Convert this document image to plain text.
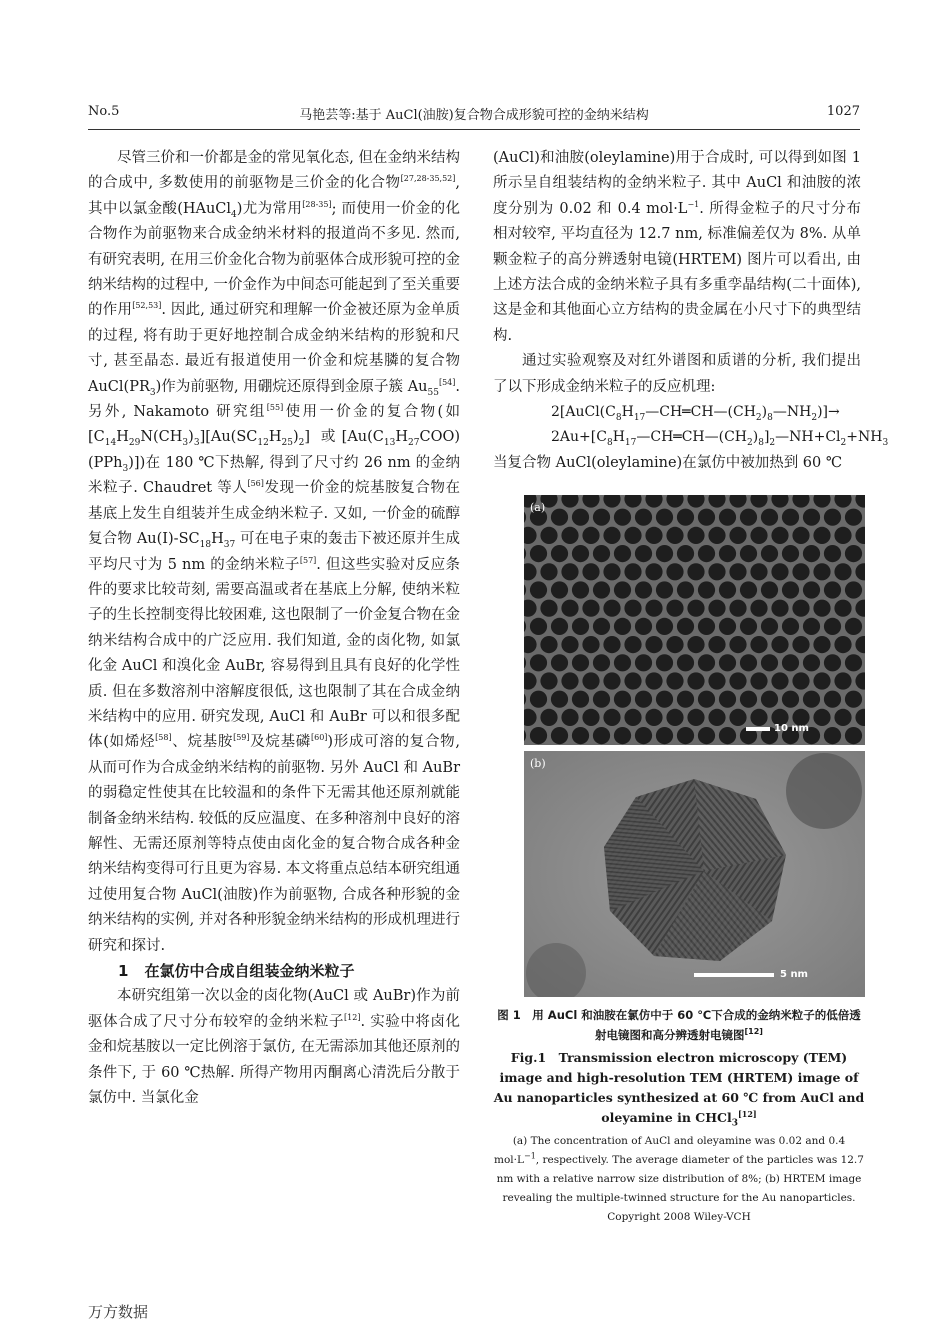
No.5	马艳芸等:基于 AuCl(油胺)复合物合成形貌可控的金纳米结构	1027

尽管三价和一价都是金的常见氧化态, 但在金纳米结构的合成中, 多数使用的前驱物是三价金的化合物[27,28-35,52], 其中以氯金酸(HAuCl$_4$)尤为常用[28-35]; 而使用一价金的化合物作为前驱物来合成金纳米材料的报道尚不多见. 然而, 有研究表明, 在用三价金化合物为前驱体合成形貌可控的金纳米结构的过程中, 一价金作为中间态可能起到了至关重要的作用[52,53]. 因此, 通过研究和理解一价金被还原为金单质的过程, 将有助于更好地控制合成金纳米结构的形貌和尺寸, 甚至晶态. 最近有报道使用一价金和烷基膦的复合物 $AuCl(PR_3)$作为前驱物, 用硼烷还原得到金原子簇 $Au_{55}[54]$. 另外, Nakamoto 研究组[55]使用一价金的复合物(如$[C_{14}H_{29}N(CH_3)_3][Au(SC_{12}H_{25})_2]$ 或$[Au(C_{13}H_{27}COO)(PPh_3)]$)在 180 ℃下热解, 得到了尺寸约 26 nm 的金纳米粒子. Chaudret 等人[56]发现一价金的烷基胺复合物在基底上发生自组装并生成金纳米粒子. 又如, 一价金的硫醇复合物 $Au(I)-SC_{18}H_{37}$ 可在电子束的轰击下被还原并生成平均尺寸为 5 nm 的金纳米粒子[57]. 但这些实验对反应条件的要求比较苛刻, 需要高温或者在基底上分解, 使纳米粒子的生长控制变得比较困难, 这也限制了一价金复合物在金纳米结构合成中的广泛应用. 我们知道, 金的卤化物, 如氯化金 AuCl 和溴化金 AuBr, 容易得到且具有良好的化学性质. 但在多数溶剂中溶解度很低, 这也限制了其在合成金纳米结构中的应用. 研究发现, AuCl 和 AuBr 可以和很多配体(如烯烃[58]、烷基胺[59]及烷基磷[60])形成可溶的复合物, 从而可作为合成金纳米结构的前驱物. 另外 AuCl 和 AuBr 的弱稳定性使其在比较温和的条件下无需其他还原剂就能制备金纳米结构. 较低的反应温度、在多种溶剂中良好的溶解性、无需还原剂等特点使由卤化金的复合物合成各种金纳米结构变得可行且更为容易. 本文将重点总结本研究组通过使用复合物 AuCl(油胺)作为前驱物, 合成各种形貌的金纳米结构的实例, 并对各种形貌金纳米结构的形成机理进行研究和探讨.

1 在氯仿中合成自组装金纳米粒子

本研究组第一次以金的卤化物(AuCl 或 AuBr)作为前驱体合成了尺寸分布较窄的金纳米粒子[12]. 实验中将卤化金和烷基胺以一定比例溶于氯仿, 在无需添加其他还原剂的条件下, 于 60 ℃热解. 所得产物用丙酮离心清洗后分散于氯仿中. 当氯化金

(AuCl)和油胺(oleylamine)用于合成时, 可以得到如图 1 所示呈自组装结构的金纳米粒子. 其中 AuCl 和油胺的浓度分别为 0.02 和 0.4 $mol\cdot L^{-1}$. 所得金粒子的尺寸分布相对较窄, 平均直径为 12.7 nm, 标准偏差仅为 8%. 从单颗金粒子的高分辨透射电镜(HRTEM) 图片可以看出, 由上述方法合成的金纳米粒子具有多重孪晶结构(二十面体), 这是金和其他面心立方结构的贵金属在小尺寸下的典型结构.

通过实验观察及对红外谱图和质谱的分析, 我们提出了以下形成金纳米粒子的反应机理:

$2[AuCl(C_8H_{17}—CH═CH—(CH_2)_8—NH_2)]\to$

$2Au+[C_8H_{17}—CH═CH—(CH_2)_8]_2—NH+Cl_2+NH_3$

当复合物 AuCl(oleylamine)在氯仿中被加热到 60 ℃

(a)
10 nm
(b)
5 nm
图 1　用 AuCl 和油胺在氯仿中于 60 ℃下合成的金纳米粒子的低倍透射电镜图和高分辨透射电镜图[12]
Fig.1　Transmission electron microscopy (TEM) image and high-resolution TEM (HRTEM) image of Au nanoparticles synthesized at 60 ℃ from AuCl and oleyamine in CHCl$_3$[12]
(a) The concentration of AuCl and oleyamine was 0.02 and 0.4 $mol\cdot L^{-1}$, respectively. The average diameter of the particles was 12.7 nm with a relative narrow size distribution of 8%; (b) HRTEM image revealing the multiple-twinned structure for the Au nanoparticles.
Copyright 2008 Wiley-VCH
万方数据
